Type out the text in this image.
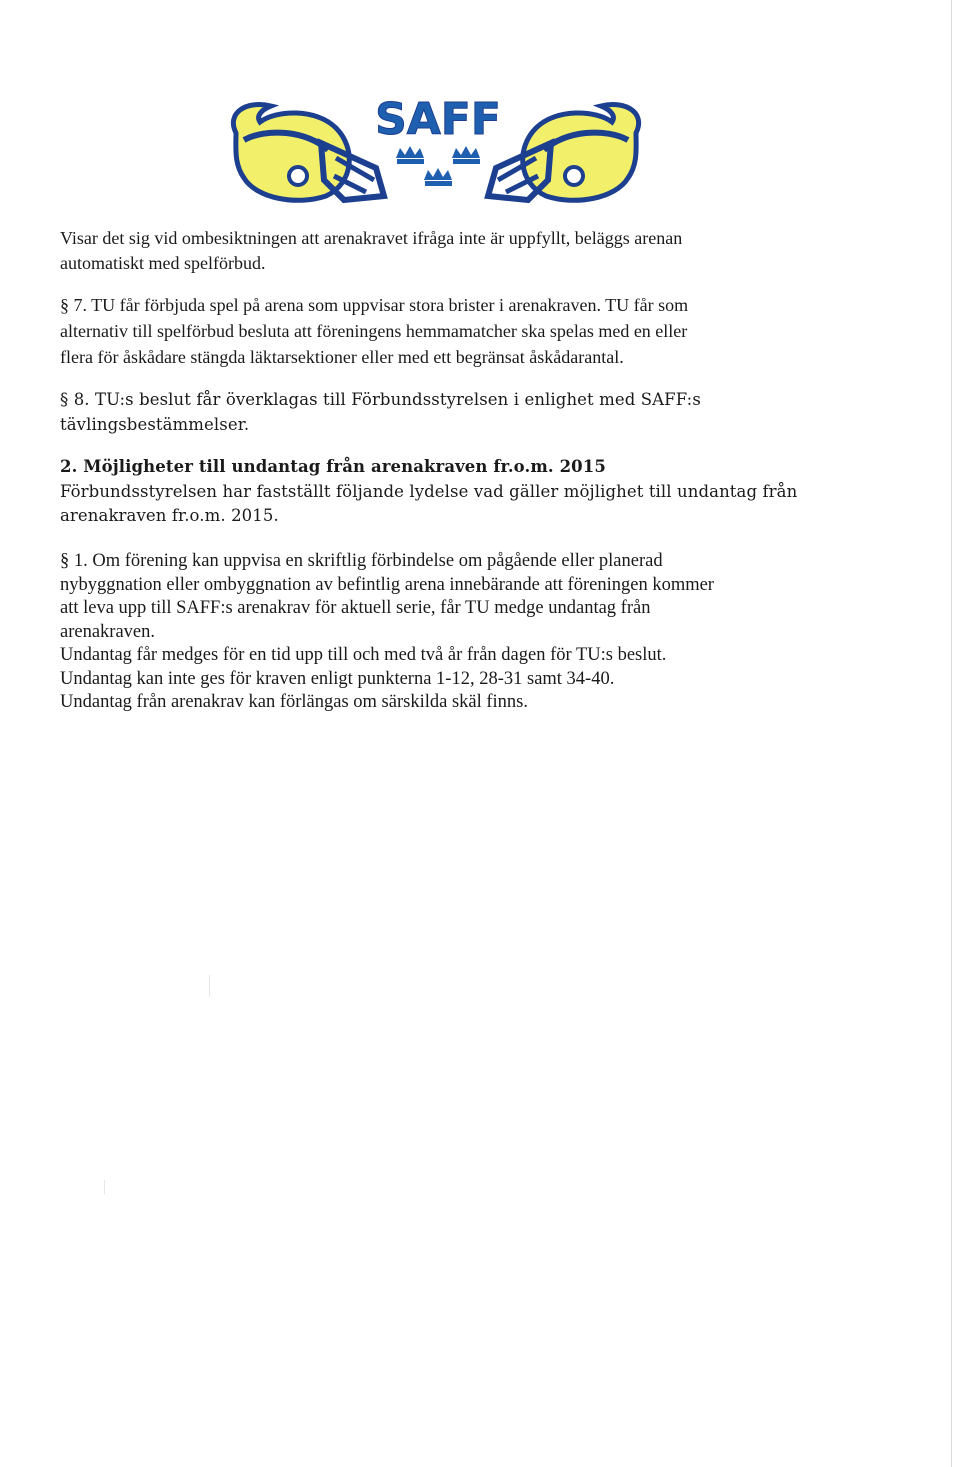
SAFF

Visar det sig vid ombesiktningen att arenakravet ifråga inte är uppfyllt, beläggs arenan
automatiskt med spelförbud.

§ 7. TU får förbjuda spel på arena som uppvisar stora brister i arenakraven. TU får som
alternativ till spelförbud besluta att föreningens hemmamatcher ska spelas med en eller
flera för åskådare stängda läktarsektioner eller med ett begränsat åskådarantal.

§ 8. TU:s beslut får överklagas till Förbundsstyrelsen i enlighet med SAFF:s
tävlingsbestämmelser.

2. Möjligheter till undantag från arenakraven fr.o.m. 2015
Förbundsstyrelsen har fastställt följande lydelse vad gäller möjlighet till undantag från
arenakraven fr.o.m. 2015.

§ 1. Om förening kan uppvisa en skriftlig förbindelse om pågående eller planerad
nybyggnation eller ombyggnation av befintlig arena innebärande att föreningen kommer
att leva upp till SAFF:s arenakrav för aktuell serie, får TU medge undantag från
arenakraven.
Undantag får medges för en tid upp till och med två år från dagen för TU:s beslut.
Undantag kan inte ges för kraven enligt punkterna 1-12, 28-31 samt 34-40.
Undantag från arenakrav kan förlängas om särskilda skäl finns.
